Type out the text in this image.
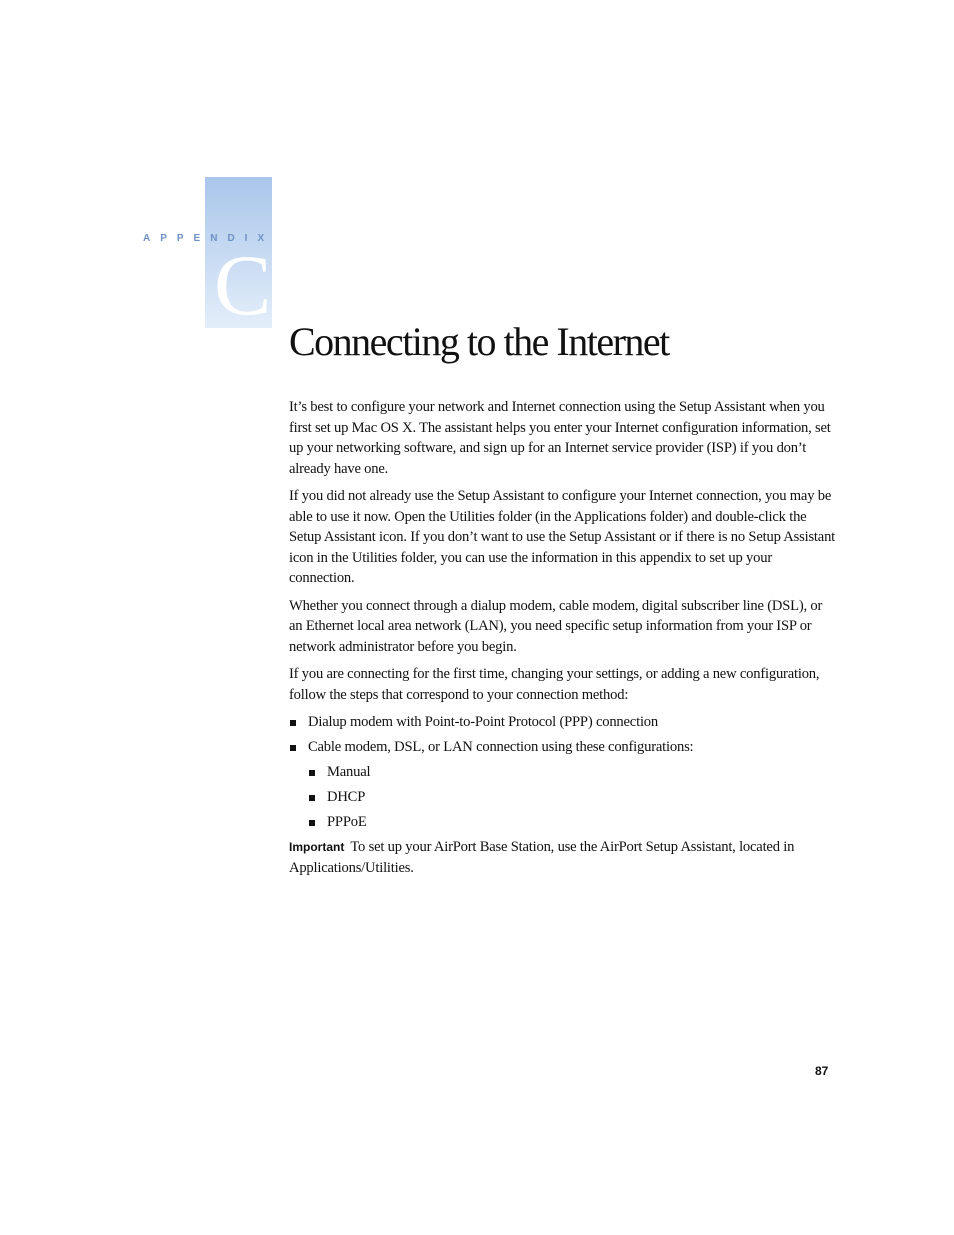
C
APPENDIX
Connecting to the Internet

It’s best to configure your network and Internet connection using the Setup Assistant when you first set up Mac OS X. The assistant helps you enter your Internet configuration information, set up your networking software, and sign up for an Internet service provider (ISP) if you don’t already have one.

If you did not already use the Setup Assistant to configure your Internet connection, you may be able to use it now. Open the Utilities folder (in the Applications folder) and double-click the Setup Assistant icon. If you don’t want to use the Setup Assistant or if there is no Setup Assistant icon in the Utilities folder, you can use the information in this appendix to set up your connection.

Whether you connect through a dialup modem, cable modem, digital subscriber line (DSL), or an Ethernet local area network (LAN), you need specific setup information from your ISP or network administrator before you begin.

If you are connecting for the first time, changing your settings, or adding a new configuration, follow the steps that correspond to your connection method:

Dialup modem with Point-to-Point Protocol (PPP) connection
Cable modem, DSL, or LAN connection using these configurations:
Manual
DHCP
PPPoE

Important To set up your AirPort Base Station, use the AirPort Setup Assistant, located in Applications/Utilities.

87
